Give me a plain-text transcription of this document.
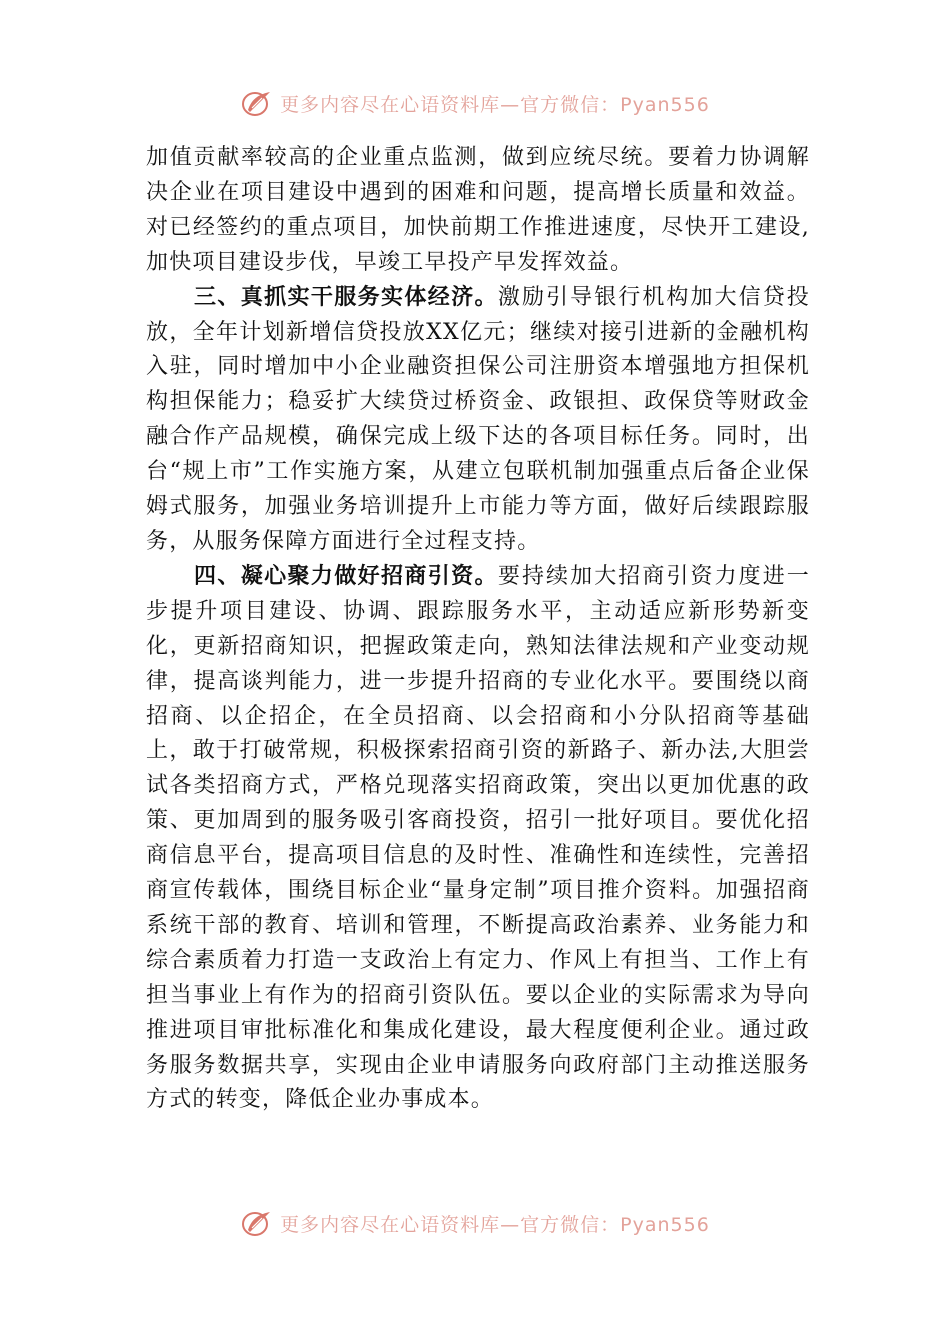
更多内容尽在心语资料库—官方微信：Pyan556

加值贡献率较高的企业重点监测，做到应统尽统。要着力协调解决企业在项目建设中遇到的困难和问题，提高增长质量和效益。对已经签约的重点项目，加快前期工作推进速度，尽快开工建设,加快项目建设步伐，早竣工早投产早发挥效益。

三、真抓实干服务实体经济。激励引导银行机构加大信贷投放，全年计划新增信贷投放XX亿元；继续对接引进新的金融机构入驻，同时增加中小企业融资担保公司注册资本增强地方担保机构担保能力；稳妥扩大续贷过桥资金、政银担、政保贷等财政金融合作产品规模，确保完成上级下达的各项目标任务。同时，出台“规上市”工作实施方案，从建立包联机制加强重点后备企业保姆式服务，加强业务培训提升上市能力等方面，做好后续跟踪服务，从服务保障方面进行全过程支持。

四、凝心聚力做好招商引资。要持续加大招商引资力度进一步提升项目建设、协调、跟踪服务水平，主动适应新形势新变化，更新招商知识，把握政策走向，熟知法律法规和产业变动规律，提高谈判能力，进一步提升招商的专业化水平。要围绕以商招商、以企招企，在全员招商、以会招商和小分队招商等基础上，敢于打破常规，积极探索招商引资的新路子、新办法,大胆尝试各类招商方式，严格兑现落实招商政策，突出以更加优惠的政策、更加周到的服务吸引客商投资，招引一批好项目。要优化招商信息平台，提高项目信息的及时性、准确性和连续性，完善招商宣传载体，围绕目标企业“量身定制”项目推介资料。加强招商系统干部的教育、培训和管理，不断提高政治素养、业务能力和综合素质着力打造一支政治上有定力、作风上有担当、工作上有担当事业上有作为的招商引资队伍。要以企业的实际需求为导向推进项目审批标准化和集成化建设，最大程度便利企业。通过政务服务数据共享，实现由企业申请服务向政府部门主动推送服务方式的转变，降低企业办事成本。

更多内容尽在心语资料库—官方微信：Pyan556
